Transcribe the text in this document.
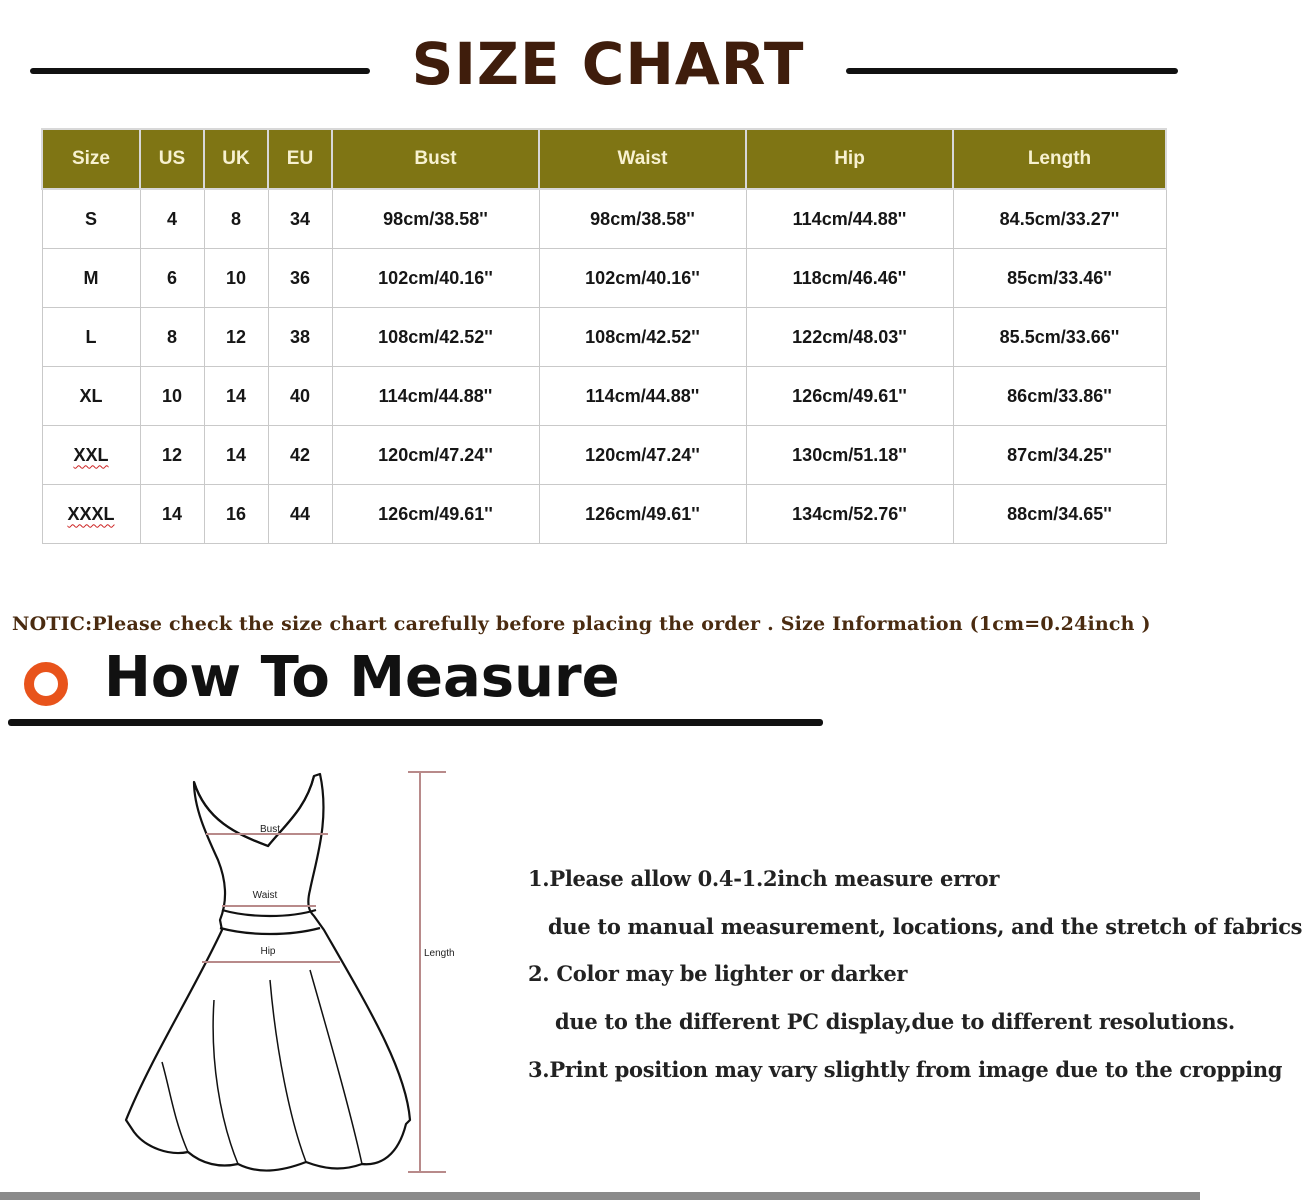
SIZE CHART
Size	US	UK	EU	Bust	Waist	Hip	Length
S	4	8	34	98cm/38.58''	98cm/38.58''	114cm/44.88''	84.5cm/33.27''
M	6	10	36	102cm/40.16''	102cm/40.16''	118cm/46.46''	85cm/33.46''
L	8	12	38	108cm/42.52''	108cm/42.52''	122cm/48.03''	85.5cm/33.66''
XL	10	14	40	114cm/44.88''	114cm/44.88''	126cm/49.61''	86cm/33.86''
XXL	12	14	42	120cm/47.24''	120cm/47.24''	130cm/51.18''	87cm/34.25''
XXXL	14	16	44	126cm/49.61''	126cm/49.61''	134cm/52.76''	88cm/34.65''
NOTIC:Please check the size chart carefully before placing the order . Size Information (1cm=0.24inch )
How To Measure
Bust
Waist
Hip	Length
1.Please allow 0.4-1.2inch measure error
due to manual measurement, locations, and the stretch of fabrics
2. Color may be lighter or darker
due to the different PC display,due to different resolutions.
3.Print position may vary slightly from image due to the cropping
